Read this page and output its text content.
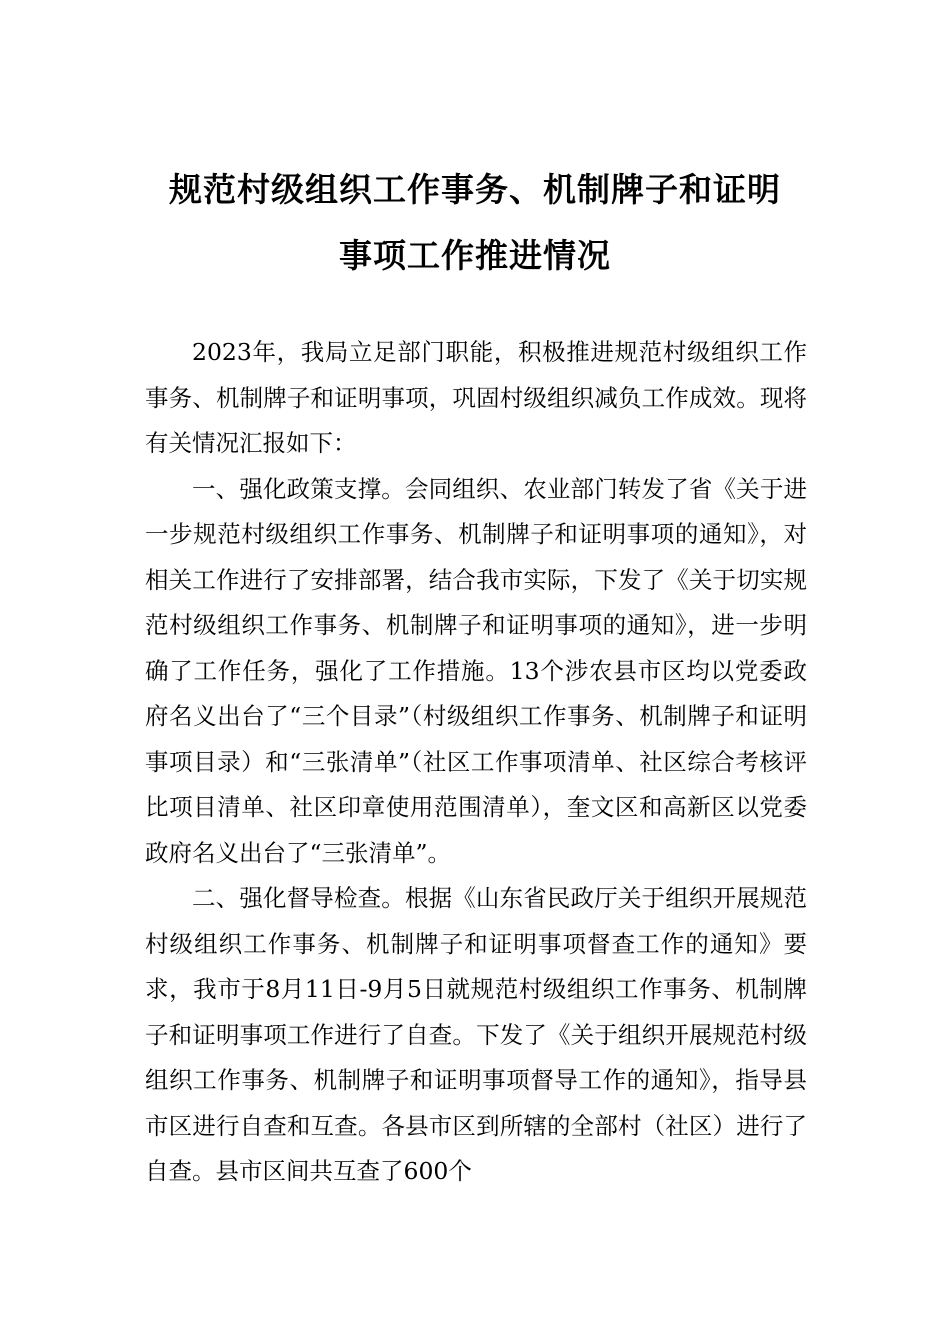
规范村级组织工作事务、机制牌子和证明
事项工作推进情况

2023年，我局立足部门职能，积极推进规范村级组织工作事务、机制牌子和证明事项，巩固村级组织减负工作成效。现将有关情况汇报如下：

一、强化政策支撑。会同组织、农业部门转发了省《关于进一步规范村级组织工作事务、机制牌子和证明事项的通知》，对相关工作进行了安排部署，结合我市实际，下发了《关于切实规范村级组织工作事务、机制牌子和证明事项的通知》，进一步明确了工作任务，强化了工作措施。13个涉农县市区均以党委政府名义出台了“三个目录”（村级组织工作事务、机制牌子和证明事项目录）和“三张清单”（社区工作事项清单、社区综合考核评比项目清单、社区印章使用范围清单），奎文区和高新区以党委政府名义出台了“三张清单”。

二、强化督导检查。根据《山东省民政厅关于组织开展规范村级组织工作事务、机制牌子和证明事项督查工作的通知》要求，我市于8月11日-9月5日就规范村级组织工作事务、机制牌子和证明事项工作进行了自查。下发了《关于组织开展规范村级组织工作事务、机制牌子和证明事项督导工作的通知》，指导县市区进行自查和互查。各县市区到所辖的全部村（社区）进行了自查。县市区间共互查了600个
